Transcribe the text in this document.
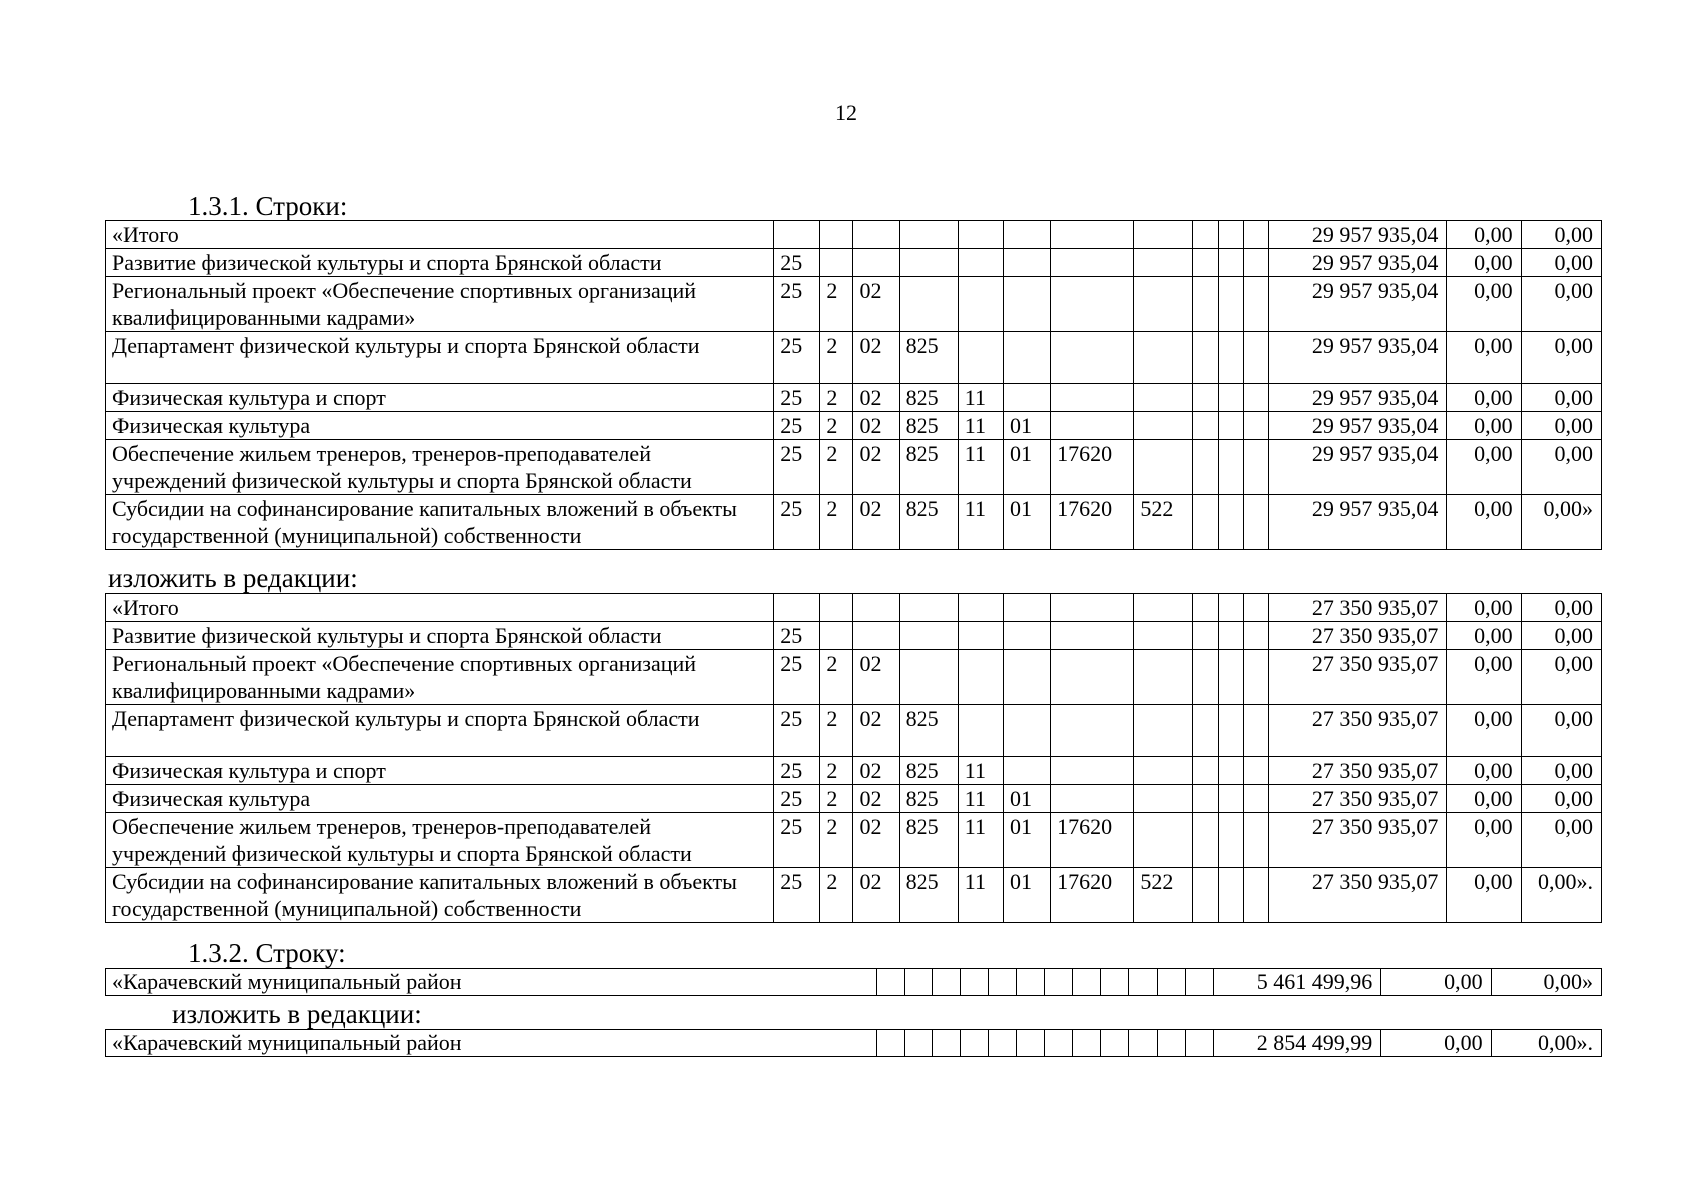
12
1.3.1. Строки:
«Итого												29 957 935,04	0,00	0,00
Развитие физической культуры и спорта Брянской области	25											29 957 935,04	0,00	0,00
Региональный проект «Обеспечение спортивных организаций квалифицированными кадрами»	25	2	02									29 957 935,04	0,00	0,00
Департамент физической культуры и спорта Брянской области	25	2	02	825								29 957 935,04	0,00	0,00
Физическая культура и спорт	25	2	02	825	11							29 957 935,04	0,00	0,00
Физическая культура	25	2	02	825	11	01						29 957 935,04	0,00	0,00
Обеспечение жильем тренеров, тренеров-преподавателей учреждений физической культуры и спорта Брянской области	25	2	02	825	11	01	17620					29 957 935,04	0,00	0,00
Субсидии на софинансирование капитальных вложений в объекты государственной (муниципальной) собственности	25	2	02	825	11	01	17620	522				29 957 935,04	0,00	0,00»
изложить в редакции:
«Итого												27 350 935,07	0,00	0,00
Развитие физической культуры и спорта Брянской области	25											27 350 935,07	0,00	0,00
Региональный проект «Обеспечение спортивных организаций квалифицированными кадрами»	25	2	02									27 350 935,07	0,00	0,00
Департамент физической культуры и спорта Брянской области	25	2	02	825								27 350 935,07	0,00	0,00
Физическая культура и спорт	25	2	02	825	11							27 350 935,07	0,00	0,00
Физическая культура	25	2	02	825	11	01						27 350 935,07	0,00	0,00
Обеспечение жильем тренеров, тренеров-преподавателей учреждений физической культуры и спорта Брянской области	25	2	02	825	11	01	17620					27 350 935,07	0,00	0,00
Субсидии на софинансирование капитальных вложений в объекты государственной (муниципальной) собственности	25	2	02	825	11	01	17620	522				27 350 935,07	0,00	0,00».
1.3.2. Строку:
«Карачевский муниципальный район													5 461 499,96	0,00	0,00»
изложить в редакции:
«Карачевский муниципальный район													2 854 499,99	0,00	0,00».
